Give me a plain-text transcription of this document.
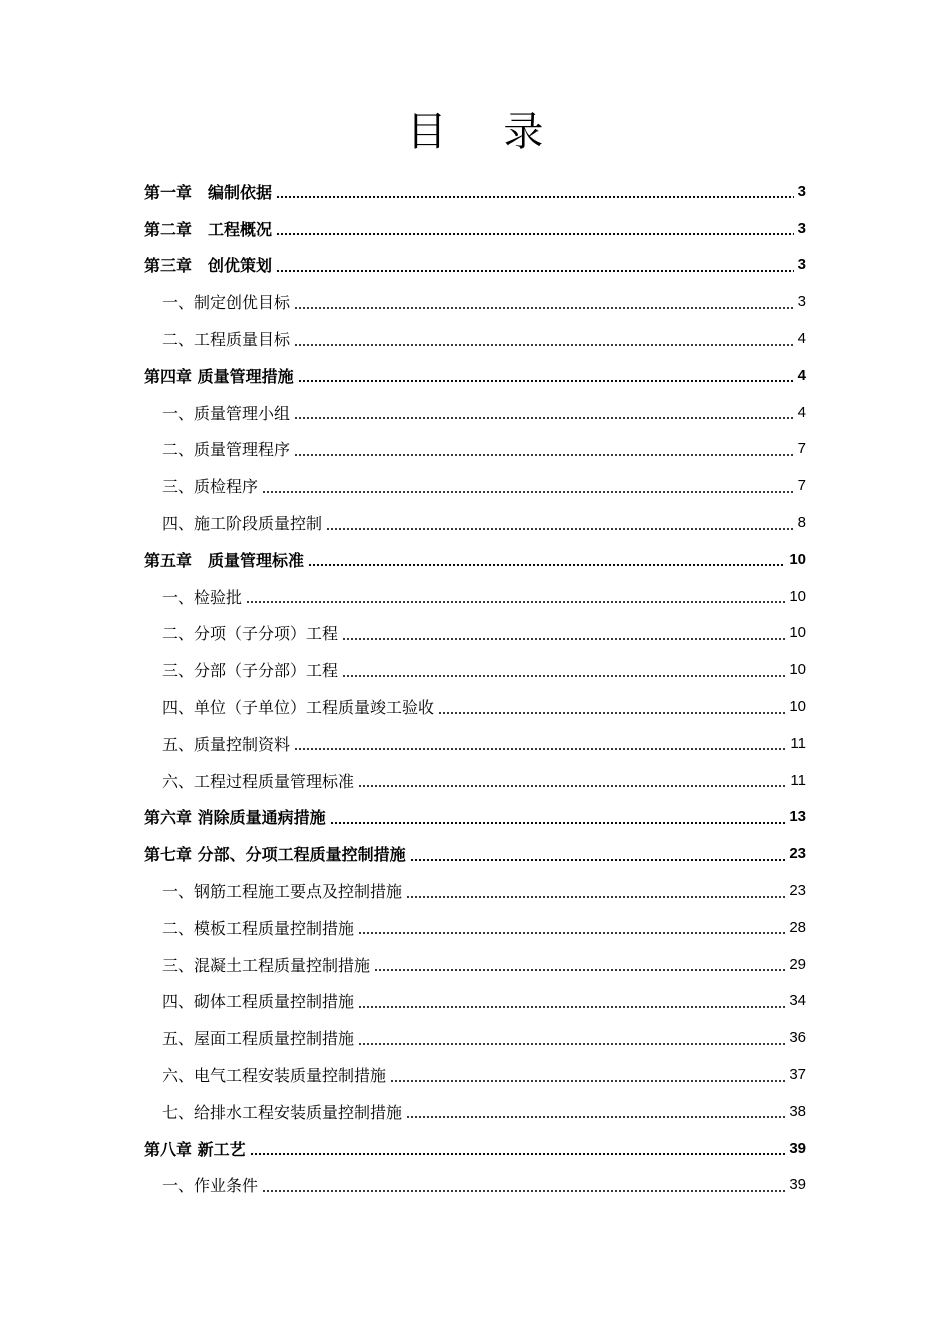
目 录
第一章　编制依据	3
第二章　工程概况	3
第三章　创优策划	3
一、制定创优目标	3
二、工程质量目标	4
第四章 质量管理措施	4
一、质量管理小组	4
二、质量管理程序	7
三、质检程序	7
四、施工阶段质量控制	8
第五章　质量管理标准	10
一、检验批	10
二、分项（子分项）工程	10
三、分部（子分部）工程	10
四、单位（子单位）工程质量竣工验收	10
五、质量控制资料	11
六、工程过程质量管理标准	11
第六章 消除质量通病措施	13
第七章 分部、分项工程质量控制措施	23
一、钢筋工程施工要点及控制措施	23
二、模板工程质量控制措施	28
三、混凝土工程质量控制措施	29
四、砌体工程质量控制措施	34
五、屋面工程质量控制措施	36
六、电气工程安装质量控制措施	37
七、给排水工程安装质量控制措施	38
第八章 新工艺	39
一、作业条件	39
